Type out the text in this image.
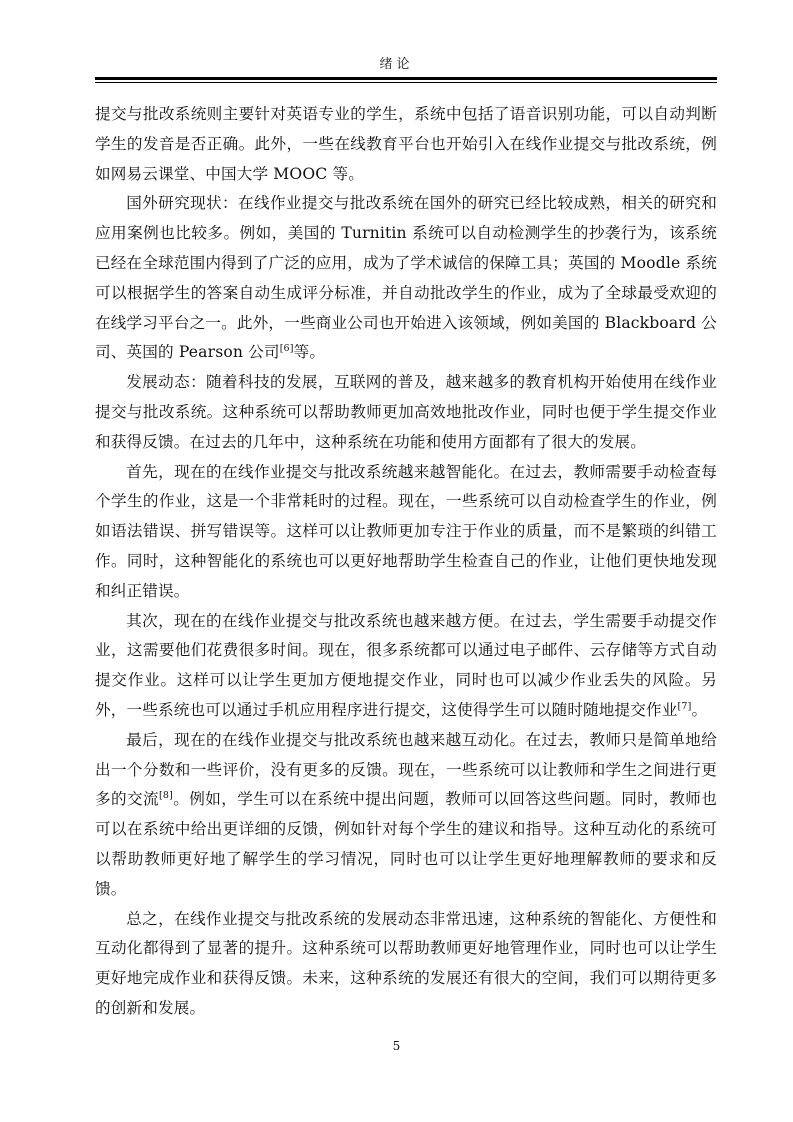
绪论

提交与批改系统则主要针对英语专业的学生，系统中包括了语音识别功能，可以自动判断学生的发音是否正确。此外，一些在线教育平台也开始引入在线作业提交与批改系统，例如网易云课堂、中国大学 MOOC 等。

国外研究现状：在线作业提交与批改系统在国外的研究已经比较成熟，相关的研究和应用案例也比较多。例如，美国的 Turnitin 系统可以自动检测学生的抄袭行为，该系统已经在全球范围内得到了广泛的应用，成为了学术诚信的保障工具；英国的 Moodle 系统可以根据学生的答案自动生成评分标准，并自动批改学生的作业，成为了全球最受欢迎的在线学习平台之一。此外，一些商业公司也开始进入该领域，例如美国的 Blackboard 公司、英国的 Pearson 公司[6]等。

发展动态：随着科技的发展，互联网的普及，越来越多的教育机构开始使用在线作业提交与批改系统。这种系统可以帮助教师更加高效地批改作业，同时也便于学生提交作业和获得反馈。在过去的几年中，这种系统在功能和使用方面都有了很大的发展。

首先，现在的在线作业提交与批改系统越来越智能化。在过去，教师需要手动检查每个学生的作业，这是一个非常耗时的过程。现在，一些系统可以自动检查学生的作业，例如语法错误、拼写错误等。这样可以让教师更加专注于作业的质量，而不是繁琐的纠错工作。同时，这种智能化的系统也可以更好地帮助学生检查自己的作业，让他们更快地发现和纠正错误。

其次，现在的在线作业提交与批改系统也越来越方便。在过去，学生需要手动提交作业，这需要他们花费很多时间。现在，很多系统都可以通过电子邮件、云存储等方式自动提交作业。这样可以让学生更加方便地提交作业，同时也可以减少作业丢失的风险。另外，一些系统也可以通过手机应用程序进行提交，这使得学生可以随时随地提交作业[7]。

最后，现在的在线作业提交与批改系统也越来越互动化。在过去，教师只是简单地给出一个分数和一些评价，没有更多的反馈。现在，一些系统可以让教师和学生之间进行更多的交流[8]。例如，学生可以在系统中提出问题，教师可以回答这些问题。同时，教师也可以在系统中给出更详细的反馈，例如针对每个学生的建议和指导。这种互动化的系统可以帮助教师更好地了解学生的学习情况，同时也可以让学生更好地理解教师的要求和反馈。

总之，在线作业提交与批改系统的发展动态非常迅速，这种系统的智能化、方便性和互动化都得到了显著的提升。这种系统可以帮助教师更好地管理作业，同时也可以让学生更好地完成作业和获得反馈。未来，这种系统的发展还有很大的空间，我们可以期待更多的创新和发展。

5
